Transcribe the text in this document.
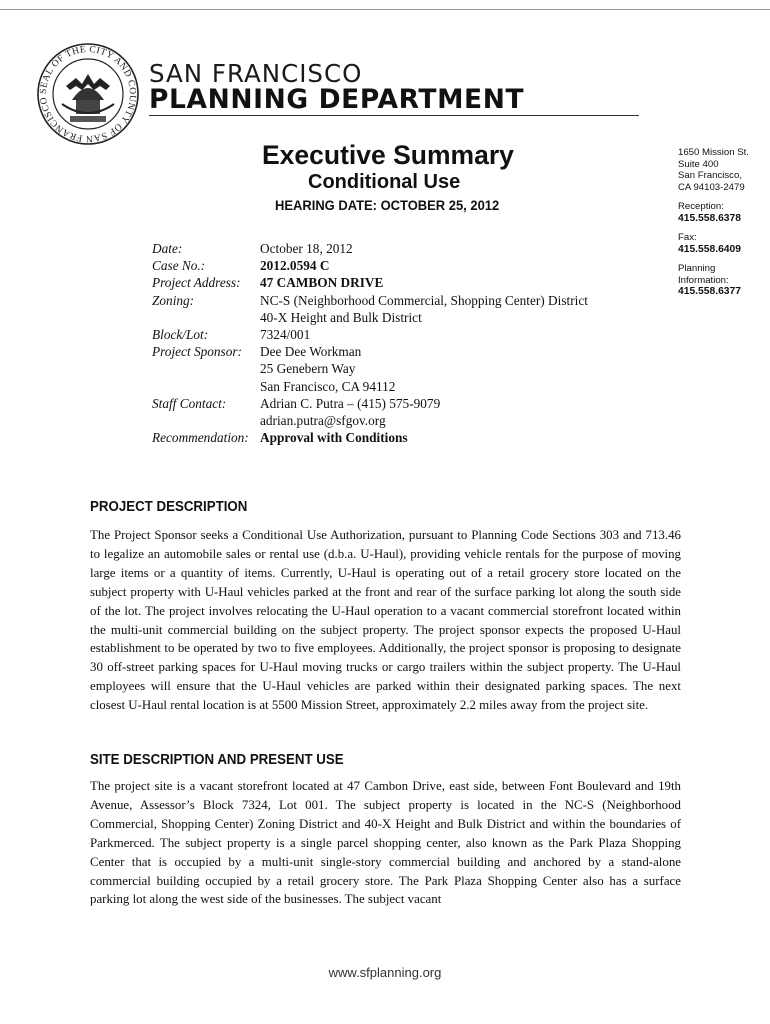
SEAL OF THE CITY AND COUNTY OF SAN FRANCISCO
SAN FRANCISCO
PLANNING DEPARTMENT
Executive Summary
Conditional Use
HEARING DATE: OCTOBER 25, 2012
1650 Mission St.
Suite 400
San Francisco,
CA 94103-2479
Reception:
415.558.6378
Fax:
415.558.6409
Planning
Information:
415.558.6377
Date:	October 18, 2012
Case No.:	2012.0594 C
Project Address:	47 CAMBON DRIVE
Zoning:	NC-S (Neighborhood Commercial, Shopping Center) District
40-X Height and Bulk District
Block/Lot:	7324/001
Project Sponsor:	Dee Dee Workman
25 Genebern Way
San Francisco, CA 94112
Staff Contact:	Adrian C. Putra – (415) 575-9079
adrian.putra@sfgov.org
Recommendation: Approval with Conditions
PROJECT DESCRIPTION
The Project Sponsor seeks a Conditional Use Authorization, pursuant to Planning Code Sections 303 and 713.46 to legalize an automobile sales or rental use (d.b.a. U-Haul), providing vehicle rentals for the purpose of moving large items or a quantity of items. Currently, U-Haul is operating out of a retail grocery store located on the subject property with U-Haul vehicles parked at the front and rear of the surface parking lot along the south side of the lot. The project involves relocating the U-Haul operation to a vacant commercial storefront located within the multi-unit commercial building on the subject property. The project sponsor expects the proposed U-Haul establishment to be operated by two to five employees. Additionally, the project sponsor is proposing to designate 30 off-street parking spaces for U-Haul moving trucks or cargo trailers within the subject property. The U-Haul employees will ensure that the U-Haul vehicles are parked within their designated parking spaces. The next closest U-Haul rental location is at 5500 Mission Street, approximately 2.2 miles away from the project site.
SITE DESCRIPTION AND PRESENT USE
The project site is a vacant storefront located at 47 Cambon Drive, east side, between Font Boulevard and 19th Avenue, Assessor’s Block 7324, Lot 001. The subject property is located in the NC-S (Neighborhood Commercial, Shopping Center) Zoning District and 40-X Height and Bulk District and within the boundaries of Parkmerced. The subject property is a single parcel shopping center, also known as the Park Plaza Shopping Center that is occupied by a multi-unit single-story commercial building and anchored by a stand-alone commercial building occupied by a retail grocery store. The Park Plaza Shopping Center also has a surface parking lot along the west side of the businesses. The subject vacant
www.sfplanning.org
